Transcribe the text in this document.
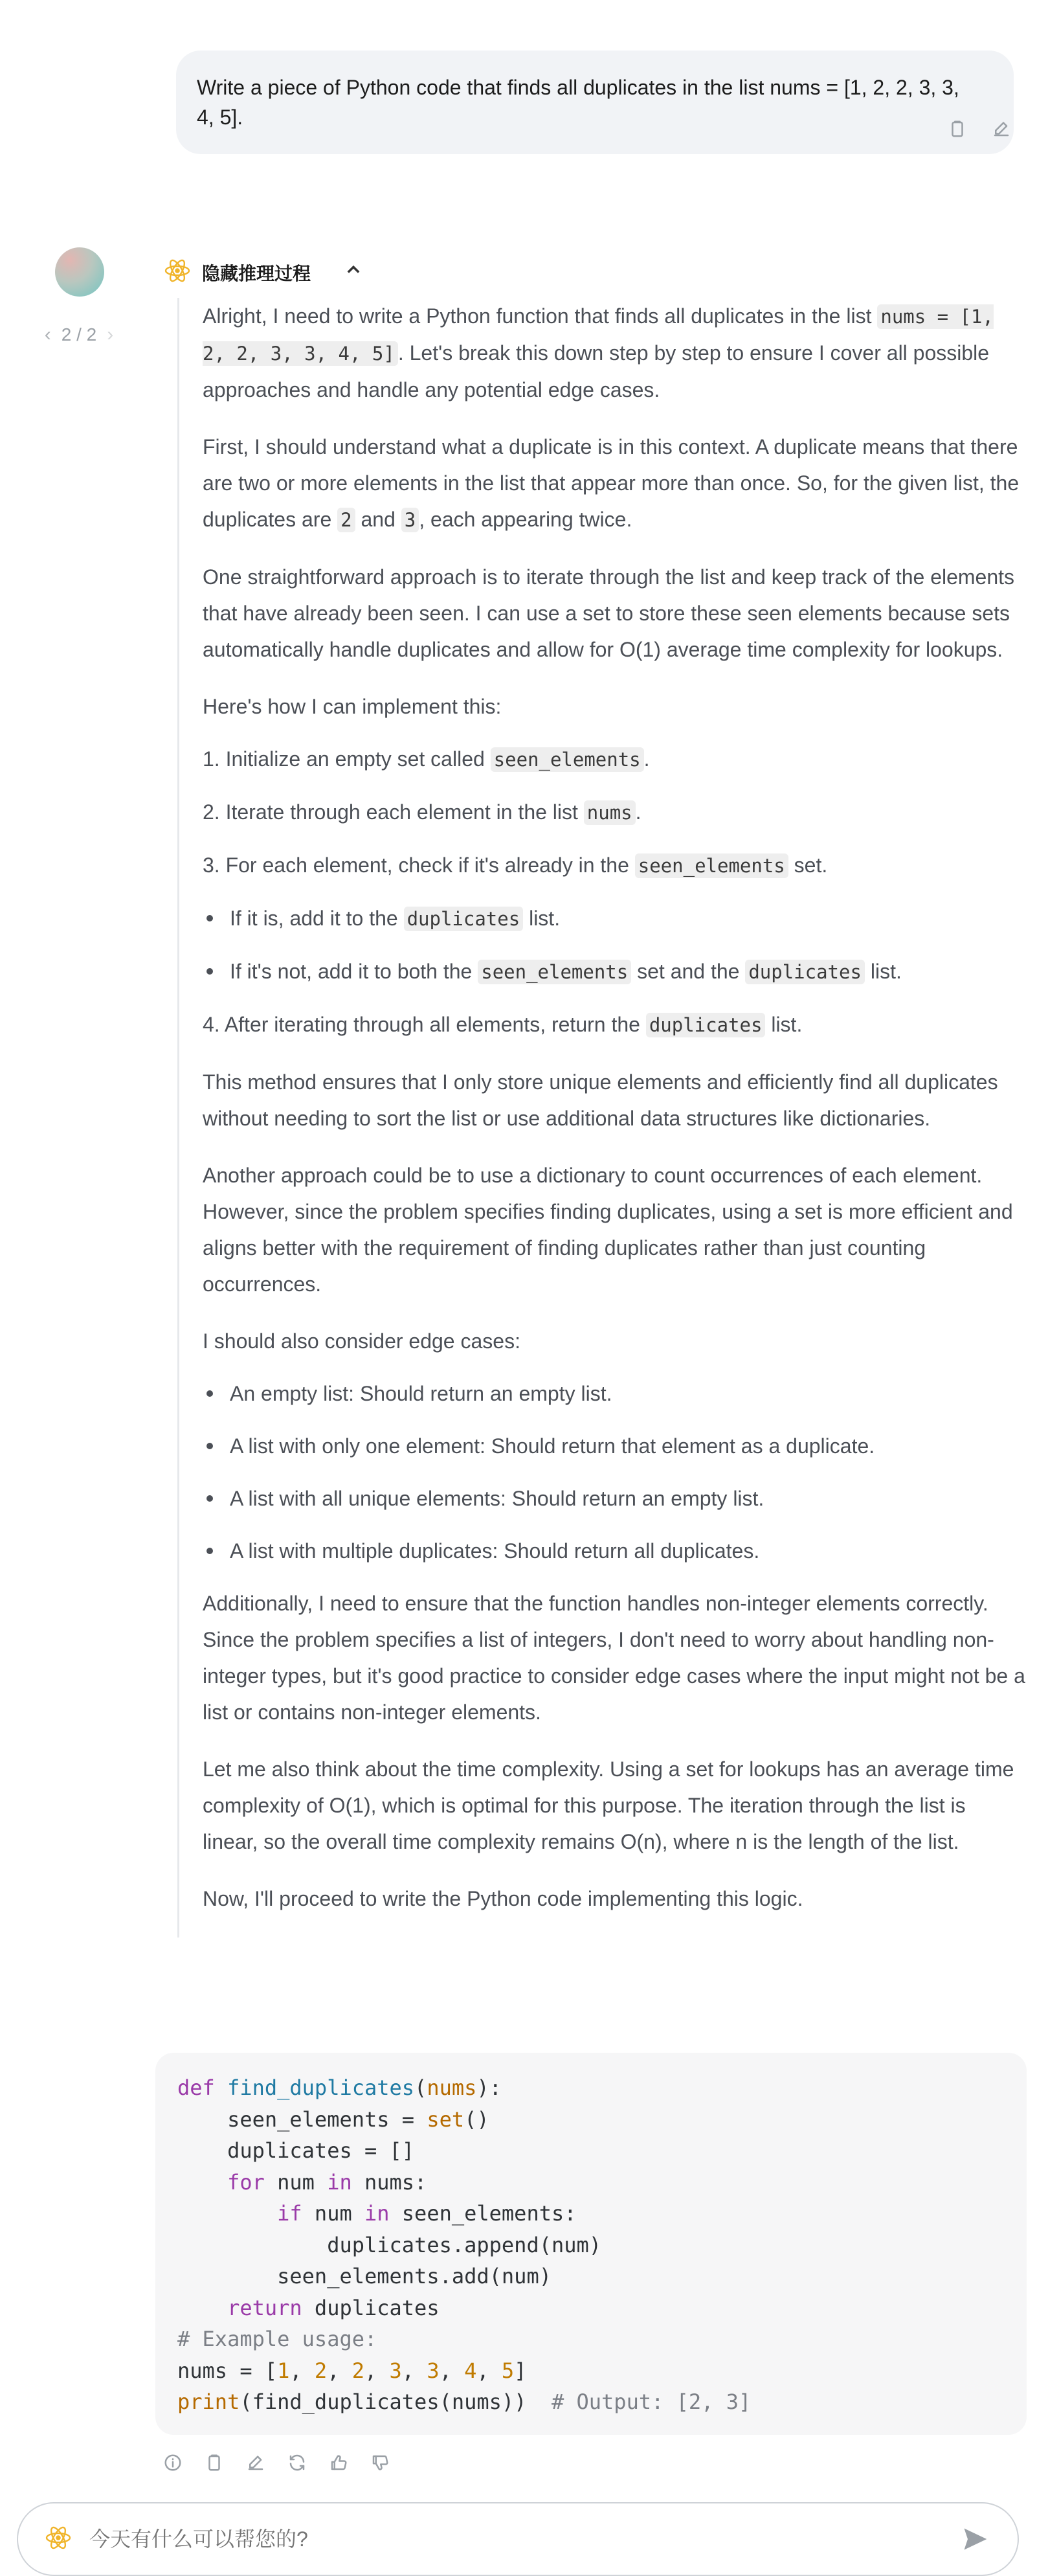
Write a piece of Python code that finds all duplicates in the list nums = [1, 2, 2, 3, 3, 4, 5].
‹ 2 / 2 ›
隐藏推理过程

Alright, I need to write a Python function that finds all duplicates in the list nums = [1, 2, 2, 3, 3, 4, 5] . Let's break this down step by step to ensure I cover all possible approaches and handle any potential edge cases.

First, I should understand what a duplicate is in this context. A duplicate means that there are two or more elements in the list that appear more than once. So, for the given list, the duplicates are 2 and 3 , each appearing twice.

One straightforward approach is to iterate through the list and keep track of the elements that have already been seen. I can use a set to store these seen elements because sets automatically handle duplicates and allow for O(1) average time complexity for lookups.

Here's how I can implement this:

1. Initialize an empty set called seen_elements .

2. Iterate through each element in the list nums .

3. For each element, check if it's already in the seen_elements set.

If it is, add it to the duplicates list.
If it's not, add it to both the seen_elements set and the duplicates list.

4. After iterating through all elements, return the duplicates list.

This method ensures that I only store unique elements and efficiently find all duplicates without needing to sort the list or use additional data structures like dictionaries.

Another approach could be to use a dictionary to count occurrences of each element. However, since the problem specifies finding duplicates, using a set is more efficient and aligns better with the requirement of finding duplicates rather than just counting occurrences.

I should also consider edge cases:

An empty list: Should return an empty list.
A list with only one element: Should return that element as a duplicate.
A list with all unique elements: Should return an empty list.
A list with multiple duplicates: Should return all duplicates.

Additionally, I need to ensure that the function handles non-integer elements correctly. Since the problem specifies a list of integers, I don't need to worry about handling non-integer types, but it's good practice to consider edge cases where the input might not be a list or contains non-integer elements.

Let me also think about the time complexity. Using a set for lookups has an average time complexity of O(1), which is optimal for this purpose. The iteration through the list is linear, so the overall time complexity remains O(n), where n is the length of the list.

Now, I'll proceed to write the Python code implementing this logic.

def find_duplicates(nums):
seen_elements = set()
duplicates = []
for num in nums:
if num in seen_elements:
duplicates.append(num)
seen_elements.add(num)
return duplicates
# Example usage:
nums = [1, 2, 2, 3, 3, 4, 5]
print(find_duplicates(nums))  # Output: [2, 3]
今天有什么可以帮您的?
